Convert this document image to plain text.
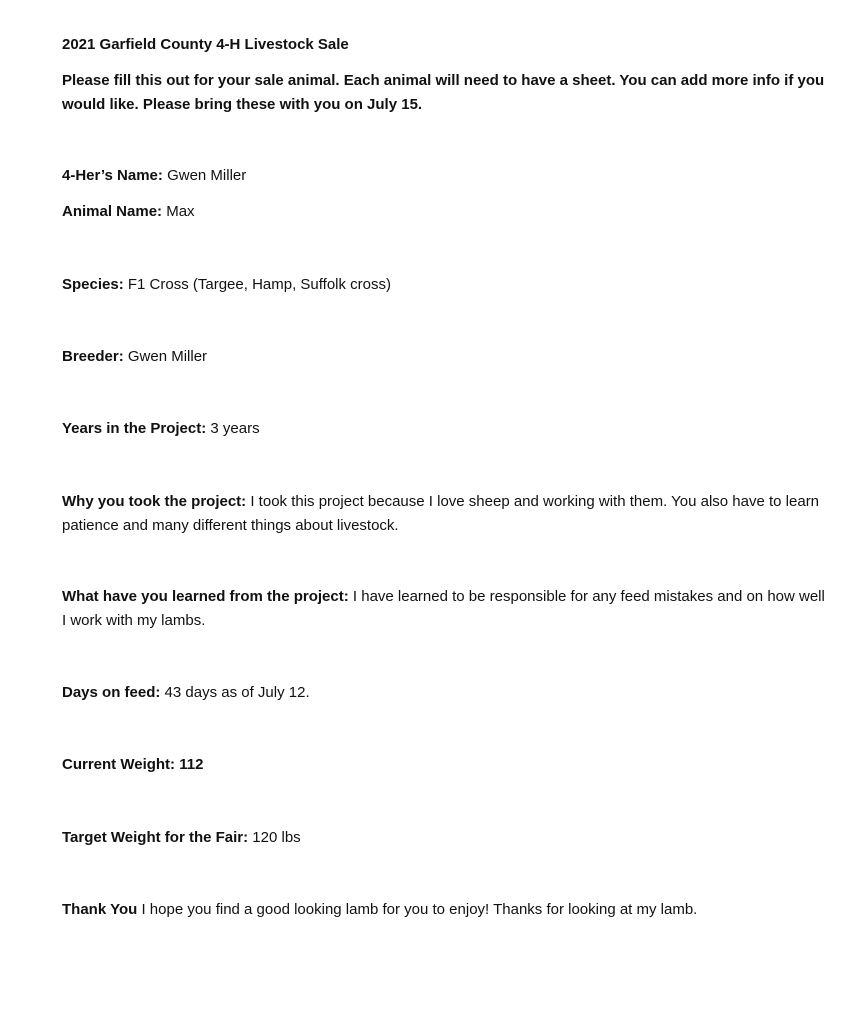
2021 Garfield County 4-H Livestock Sale
Please fill this out for your sale animal. Each animal will need to have a sheet. You can add more info if you would like. Please bring these with you on July 15.
4-Her’s Name: Gwen Miller
Animal Name: Max
Species: F1 Cross (Targee, Hamp, Suffolk cross)
Breeder: Gwen Miller
Years in the Project: 3 years
Why you took the project: I took this project because I love sheep and working with them. You also have to learn patience and many different things about livestock.
What have you learned from the project: I have learned to be responsible for any feed mistakes and on how well I work with my lambs.
Days on feed: 43 days as of July 12.
Current Weight: 112
Target Weight for the Fair: 120 lbs
Thank You I hope you find a good looking lamb for you to enjoy! Thanks for looking at my lamb.
